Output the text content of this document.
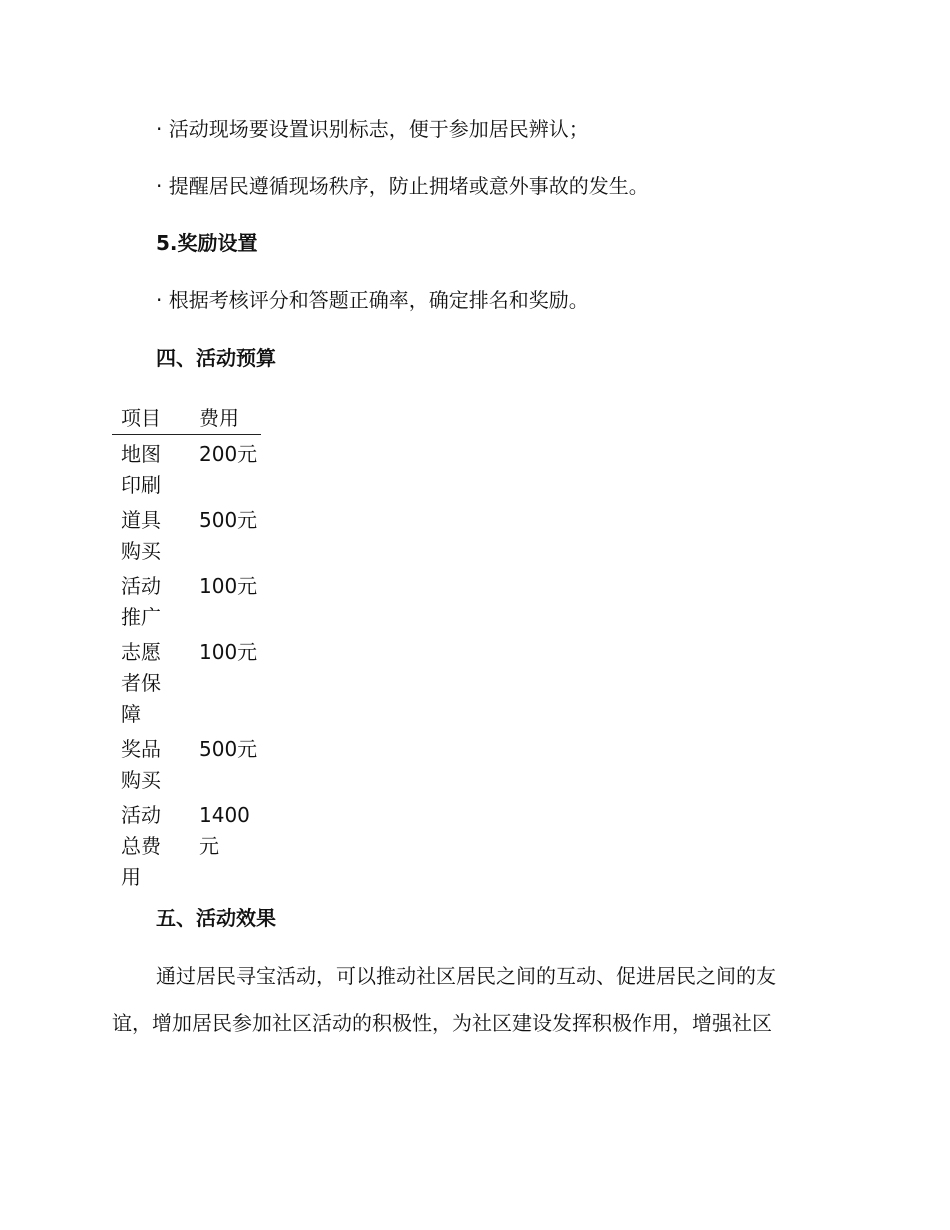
· 活动现场要设置识别标志，便于参加居民辨认；
· 提醒居民遵循现场秩序，防止拥堵或意外事故的发生。
5.奖励设置
· 根据考核评分和答题正确率，确定排名和奖励。
四、活动预算
项目	费用

地图印刷	200元

道具购买	500元

活动推广	100元

志愿者保障	100元

奖品购买	500元

活动总费用	1400元
五、活动效果
通过居民寻宝活动，可以推动社区居民之间的互动、促进居民之间的友
谊，增加居民参加社区活动的积极性，为社区建设发挥积极作用，增强社区
